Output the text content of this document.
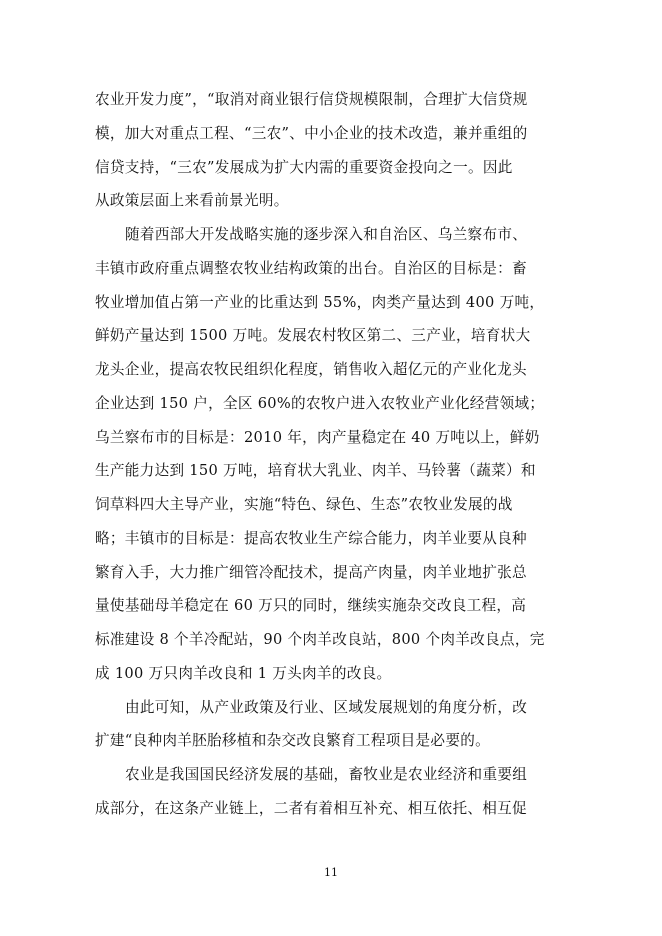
农业开发力度”，“取消对商业银行信贷规模限制，合理扩大信贷规
模，加大对重点工程、“三农”、中小企业的技术改造，兼并重组的
信贷支持，“三农”发展成为扩大内需的重要资金投向之一。因此
从政策层面上来看前景光明。
随着西部大开发战略实施的逐步深入和自治区、乌兰察布市、
丰镇市政府重点调整农牧业结构政策的出台。自治区的目标是：畜
牧业增加值占第一产业的比重达到 55%，肉类产量达到 400 万吨，
鲜奶产量达到 1500 万吨。发展农村牧区第二、三产业，培育状大
龙头企业，提高农牧民组织化程度，销售收入超亿元的产业化龙头
企业达到 150 户，全区 60%的农牧户进入农牧业产业化经营领域；
乌兰察布市的目标是：2010 年，肉产量稳定在 40 万吨以上，鲜奶
生产能力达到 150 万吨，培育状大乳业、肉羊、马铃薯（蔬菜）和
饲草料四大主导产业，实施“特色、绿色、生态”农牧业发展的战
略；丰镇市的目标是：提高农牧业生产综合能力，肉羊业要从良种
繁育入手，大力推广细管冷配技术，提高产肉量，肉羊业地扩张总
量使基础母羊稳定在 60 万只的同时，继续实施杂交改良工程，高
标准建设 8 个羊冷配站，90 个肉羊改良站，800 个肉羊改良点，完
成 100 万只肉羊改良和 1 万头肉羊的改良。
由此可知，从产业政策及行业、区域发展规划的角度分析，改
扩建“良种肉羊胚胎移植和杂交改良繁育工程项目是必要的。
农业是我国国民经济发展的基础，畜牧业是农业经济和重要组
成部分，在这条产业链上，二者有着相互补充、相互依托、相互促
11
